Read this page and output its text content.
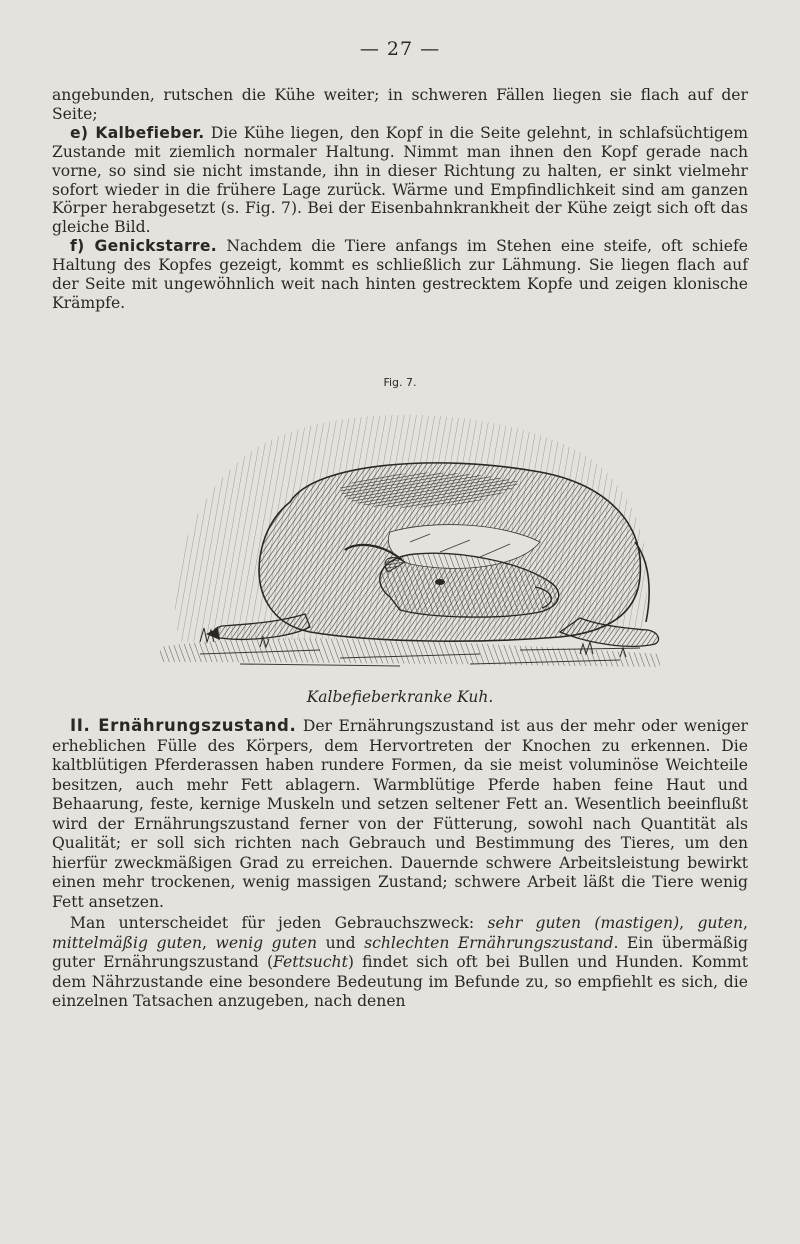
— 27 —

angebunden, rutschen die Kühe weiter; in schweren Fällen liegen sie flach auf der Seite;

e) Kalbefieber. Die Kühe liegen, den Kopf in die Seite gelehnt, in schlafsüchtigem Zustande mit ziemlich normaler Haltung. Nimmt man ihnen den Kopf gerade nach vorne, so sind sie nicht imstande, ihn in dieser Richtung zu halten, er sinkt vielmehr sofort wieder in die frühere Lage zurück. Wärme und Empfindlichkeit sind am ganzen Körper herabgesetzt (s. Fig. 7). Bei der Eisenbahnkrankheit der Kühe zeigt sich oft das gleiche Bild.

f) Genickstarre. Nachdem die Tiere anfangs im Stehen eine steife, oft schiefe Haltung des Kopfes gezeigt, kommt es schließlich zur Lähmung. Sie liegen flach auf der Seite mit ungewöhnlich weit nach hinten gestrecktem Kopfe und zeigen klonische Krämpfe.

Fig. 7.
Kalbefieberkranke Kuh.

II. Ernährungszustand. Der Ernährungszustand ist aus der mehr oder weniger erheblichen Fülle des Körpers, dem Hervortreten der Knochen zu erkennen. Die kaltblütigen Pferderassen haben rundere Formen, da sie meist voluminöse Weichteile besitzen, auch mehr Fett ablagern. Warmblütige Pferde haben feine Haut und Behaarung, feste, kernige Muskeln und setzen seltener Fett an. Wesentlich beeinflußt wird der Ernährungszustand ferner von der Fütterung, sowohl nach Quantität als Qualität; er soll sich richten nach Gebrauch und Bestimmung des Tieres, um den hierfür zweckmäßigen Grad zu erreichen. Dauernde schwere Arbeitsleistung bewirkt einen mehr trockenen, wenig massigen Zustand; schwere Arbeit läßt die Tiere wenig Fett ansetzen.

Man unterscheidet für jeden Gebrauchszweck: sehr guten (mastigen), guten, mittelmäßig guten, wenig guten und schlechten Ernährungszustand. Ein übermäßig guter Ernährungszustand (Fettsucht) findet sich oft bei Bullen und Hunden. Kommt dem Nährzustande eine besondere Bedeutung im Befunde zu, so empfiehlt es sich, die einzelnen Tatsachen anzugeben, nach denen
